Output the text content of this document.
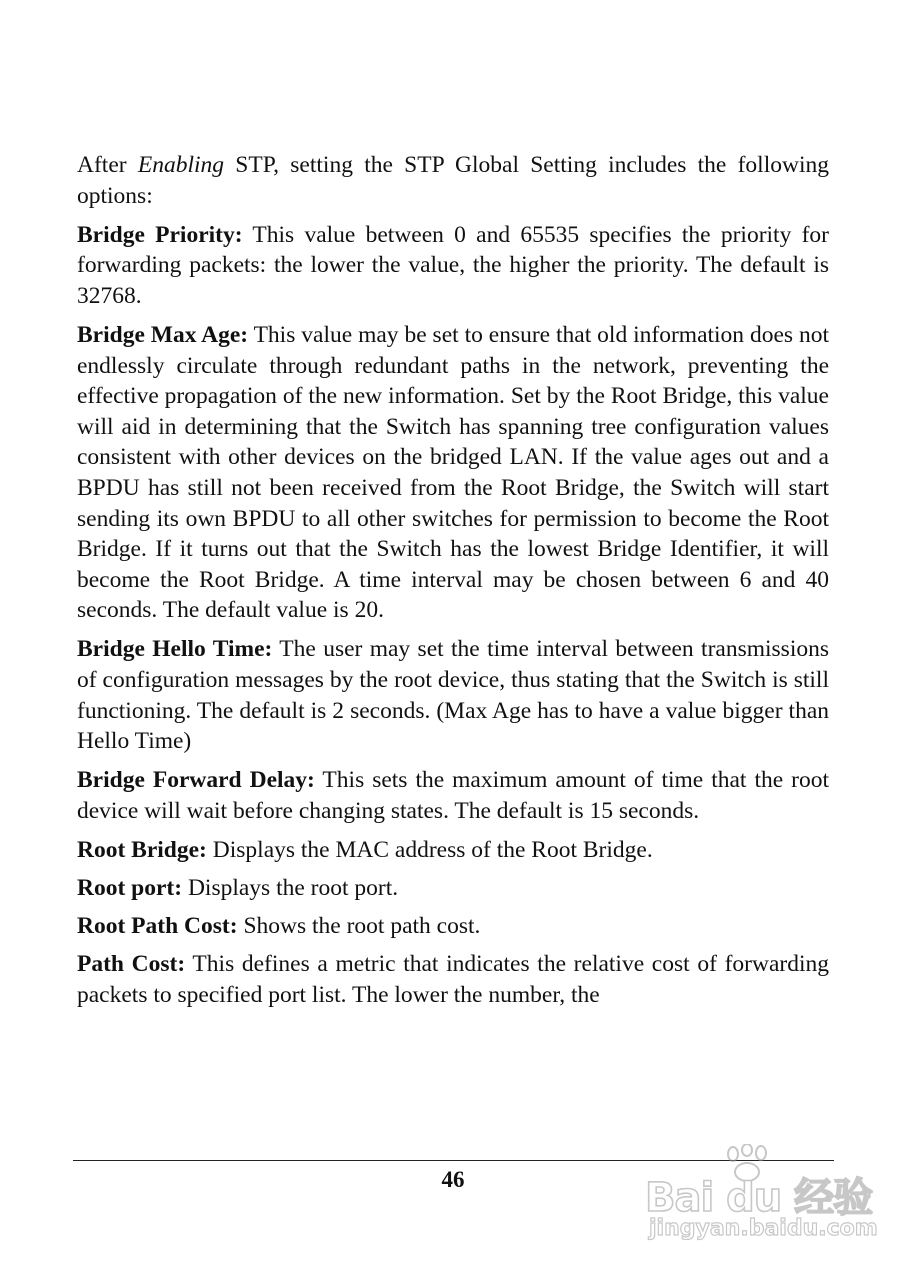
After Enabling STP, setting the STP Global Setting includes the following options:

Bridge Priority: This value between 0 and 65535 specifies the priority for forwarding packets: the lower the value, the higher the priority. The default is 32768.

Bridge Max Age: This value may be set to ensure that old information does not endlessly circulate through redundant paths in the network, preventing the effective propagation of the new information. Set by the Root Bridge, this value will aid in determining that the Switch has spanning tree configuration values consistent with other devices on the bridged LAN. If the value ages out and a BPDU has still not been received from the Root Bridge, the Switch will start sending its own BPDU to all other switches for permission to become the Root Bridge. If it turns out that the Switch has the lowest Bridge Identifier, it will become the Root Bridge. A time interval may be chosen between 6 and 40 seconds. The default value is 20.

Bridge Hello Time: The user may set the time interval between transmissions of configuration messages by the root device, thus stating that the Switch is still functioning. The default is 2 seconds. (Max Age has to have a value bigger than Hello Time)

Bridge Forward Delay: This sets the maximum amount of time that the root device will wait before changing states. The default is 15 seconds.

Root Bridge: Displays the MAC address of the Root Bridge.

Root port: Displays the root port.

Root Path Cost: Shows the root path cost.

Path Cost: This defines a metric that indicates the relative cost of forwarding packets to specified port list. The lower the number, the

46	Bai du 经验
jingyan.baidu.com
